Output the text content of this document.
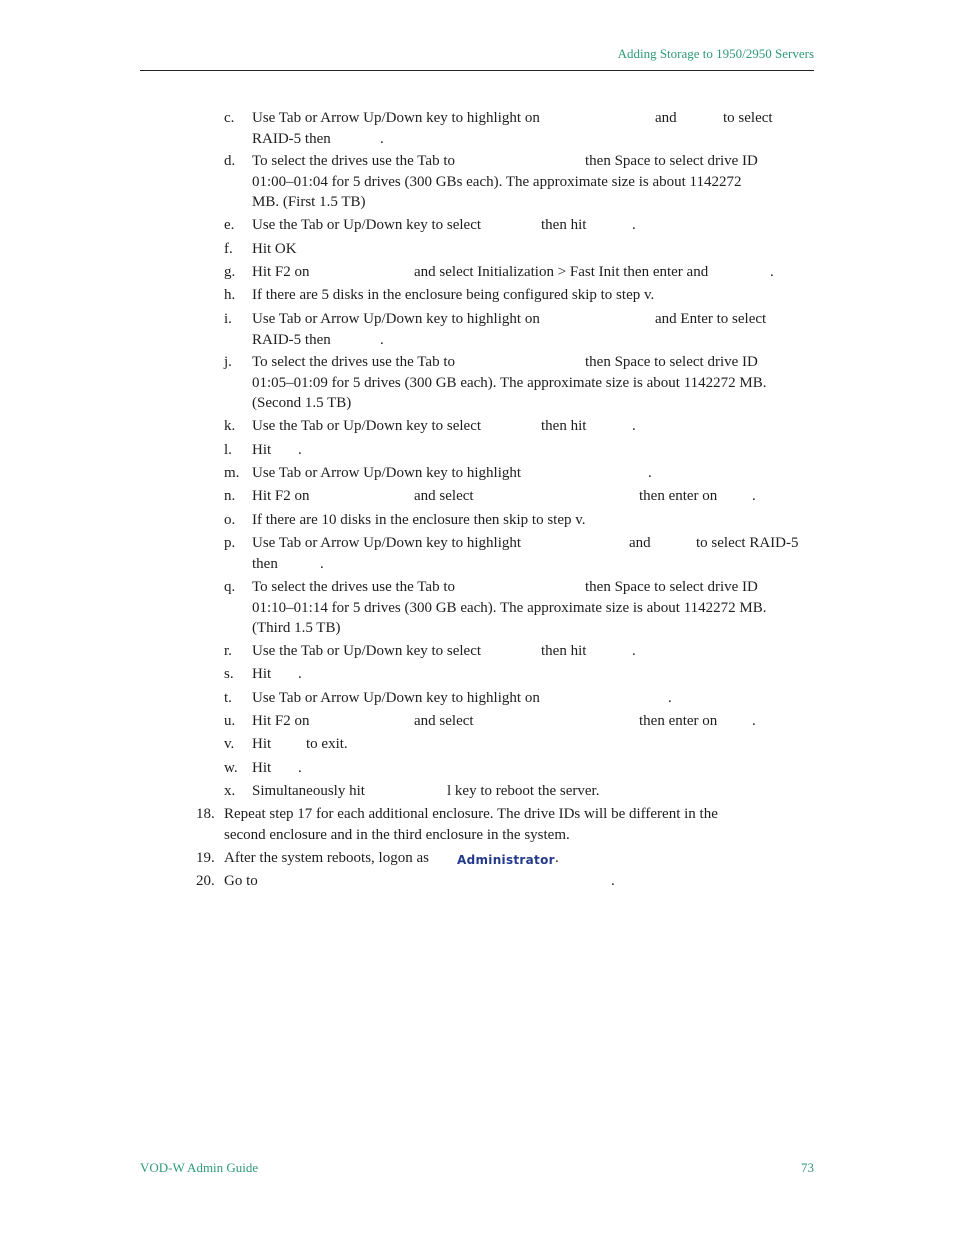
Adding Storage to 1950/2950 Servers
c. Use Tab or Arrow Up/Down key to highlight on	and	to select
RAID-5 then	.
d. To select the drives use the Tab to	then Space to select drive ID
01:00–01:04 for 5 drives (300 GBs each). The approximate size is about 1142272
MB. (First 1.5 TB)
e. Use the Tab or Up/Down key to select	then hit	.
f. Hit OK
g. Hit F2 on	and select Initialization > Fast Init then enter and	.
h. If there are 5 disks in the enclosure being configured skip to step v.
i. Use Tab or Arrow Up/Down key to highlight on	and Enter to select
RAID-5 then	.
j. To select the drives use the Tab to	then Space to select drive ID
01:05–01:09 for 5 drives (300 GB each). The approximate size is about 1142272 MB.
(Second 1.5 TB)
k. Use the Tab or Up/Down key to select	then hit	.
l. Hit .
m. Use Tab or Arrow Up/Down key to highlight	.
n. Hit F2 on	and select	then enter on .
o. If there are 10 disks in the enclosure then skip to step v.
p. Use Tab or Arrow Up/Down key to highlight	and	to select RAID-5
then	.
q. To select the drives use the Tab to	then Space to select drive ID
01:10–01:14 for 5 drives (300 GB each). The approximate size is about 1142272 MB.
(Third 1.5 TB)
r. Use the Tab or Up/Down key to select	then hit	.
s. Hit .
t. Use Tab or Arrow Up/Down key to highlight on	.
u. Hit F2 on	and select	then enter on .
v. Hit to exit.
w. Hit .
x. Simultaneously hit	l key to reboot the server.
18. Repeat step 17 for each additional enclosure. The drive IDs will be different in the
second enclosure and in the third enclosure in the system.
19. After the system reboots, logon as Administrator .
20. Go to	.
VOD-W Admin Guide	73
